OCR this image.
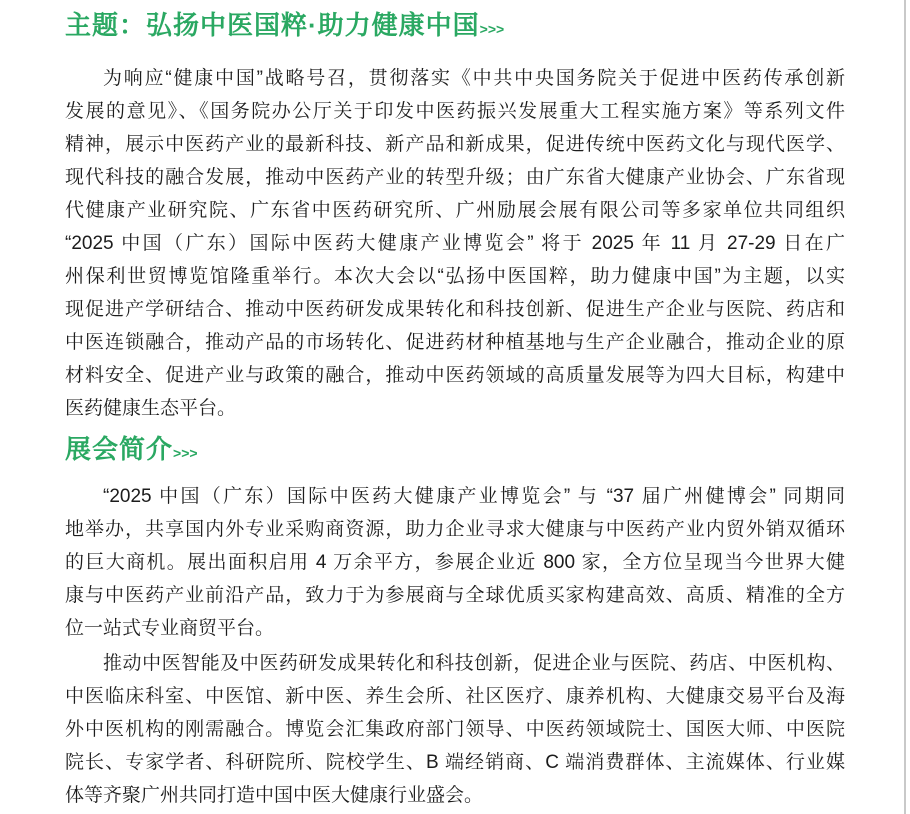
主题：弘扬中医国粹·助力健康中国>>>
为响应“健康中国”战略号召，贯彻落实《中共中央国务院关于促进中医药传承创新
发展的意见》、《国务院办公厅关于印发中医药振兴发展重大工程实施方案》等系列文件
精神，展示中医药产业的最新科技、新产品和新成果，促进传统中医药文化与现代医学、
现代科技的融合发展，推动中医药产业的转型升级；由广东省大健康产业协会、广东省现
代健康产业研究院、广东省中医药研究所、广州励展会展有限公司等多家单位共同组织
“2025 中国（广东）国际中医药大健康产业博览会” 将于 2025 年 11 月 27-29 日在广
州保利世贸博览馆隆重举行。本次大会以“弘扬中医国粹，助力健康中国”为主题，以实
现促进产学研结合、推动中医药研发成果转化和科技创新、促进生产企业与医院、药店和
中医连锁融合，推动产品的市场转化、促进药材种植基地与生产企业融合，推动企业的原
材料安全、促进产业与政策的融合，推动中医药领域的高质量发展等为四大目标，构建中
医药健康生态平台。
展会简介>>>
“2025 中国（广东）国际中医药大健康产业博览会” 与 “37 届广州健博会” 同期同
地举办，共享国内外专业采购商资源，助力企业寻求大健康与中医药产业内贸外销双循环
的巨大商机。展出面积启用 4 万余平方，参展企业近 800 家，全方位呈现当今世界大健
康与中医药产业前沿产品，致力于为参展商与全球优质买家构建高效、高质、精准的全方
位一站式专业商贸平台。
推动中医智能及中医药研发成果转化和科技创新，促进企业与医院、药店、中医机构、
中医临床科室、中医馆、新中医、养生会所、社区医疗、康养机构、大健康交易平台及海
外中医机构的刚需融合。博览会汇集政府部门领导、中医药领域院士、国医大师、中医院
院长、专家学者、科研院所、院校学生、B 端经销商、C 端消费群体、主流媒体、行业媒
体等齐聚广州共同打造中国中医大健康行业盛会。
